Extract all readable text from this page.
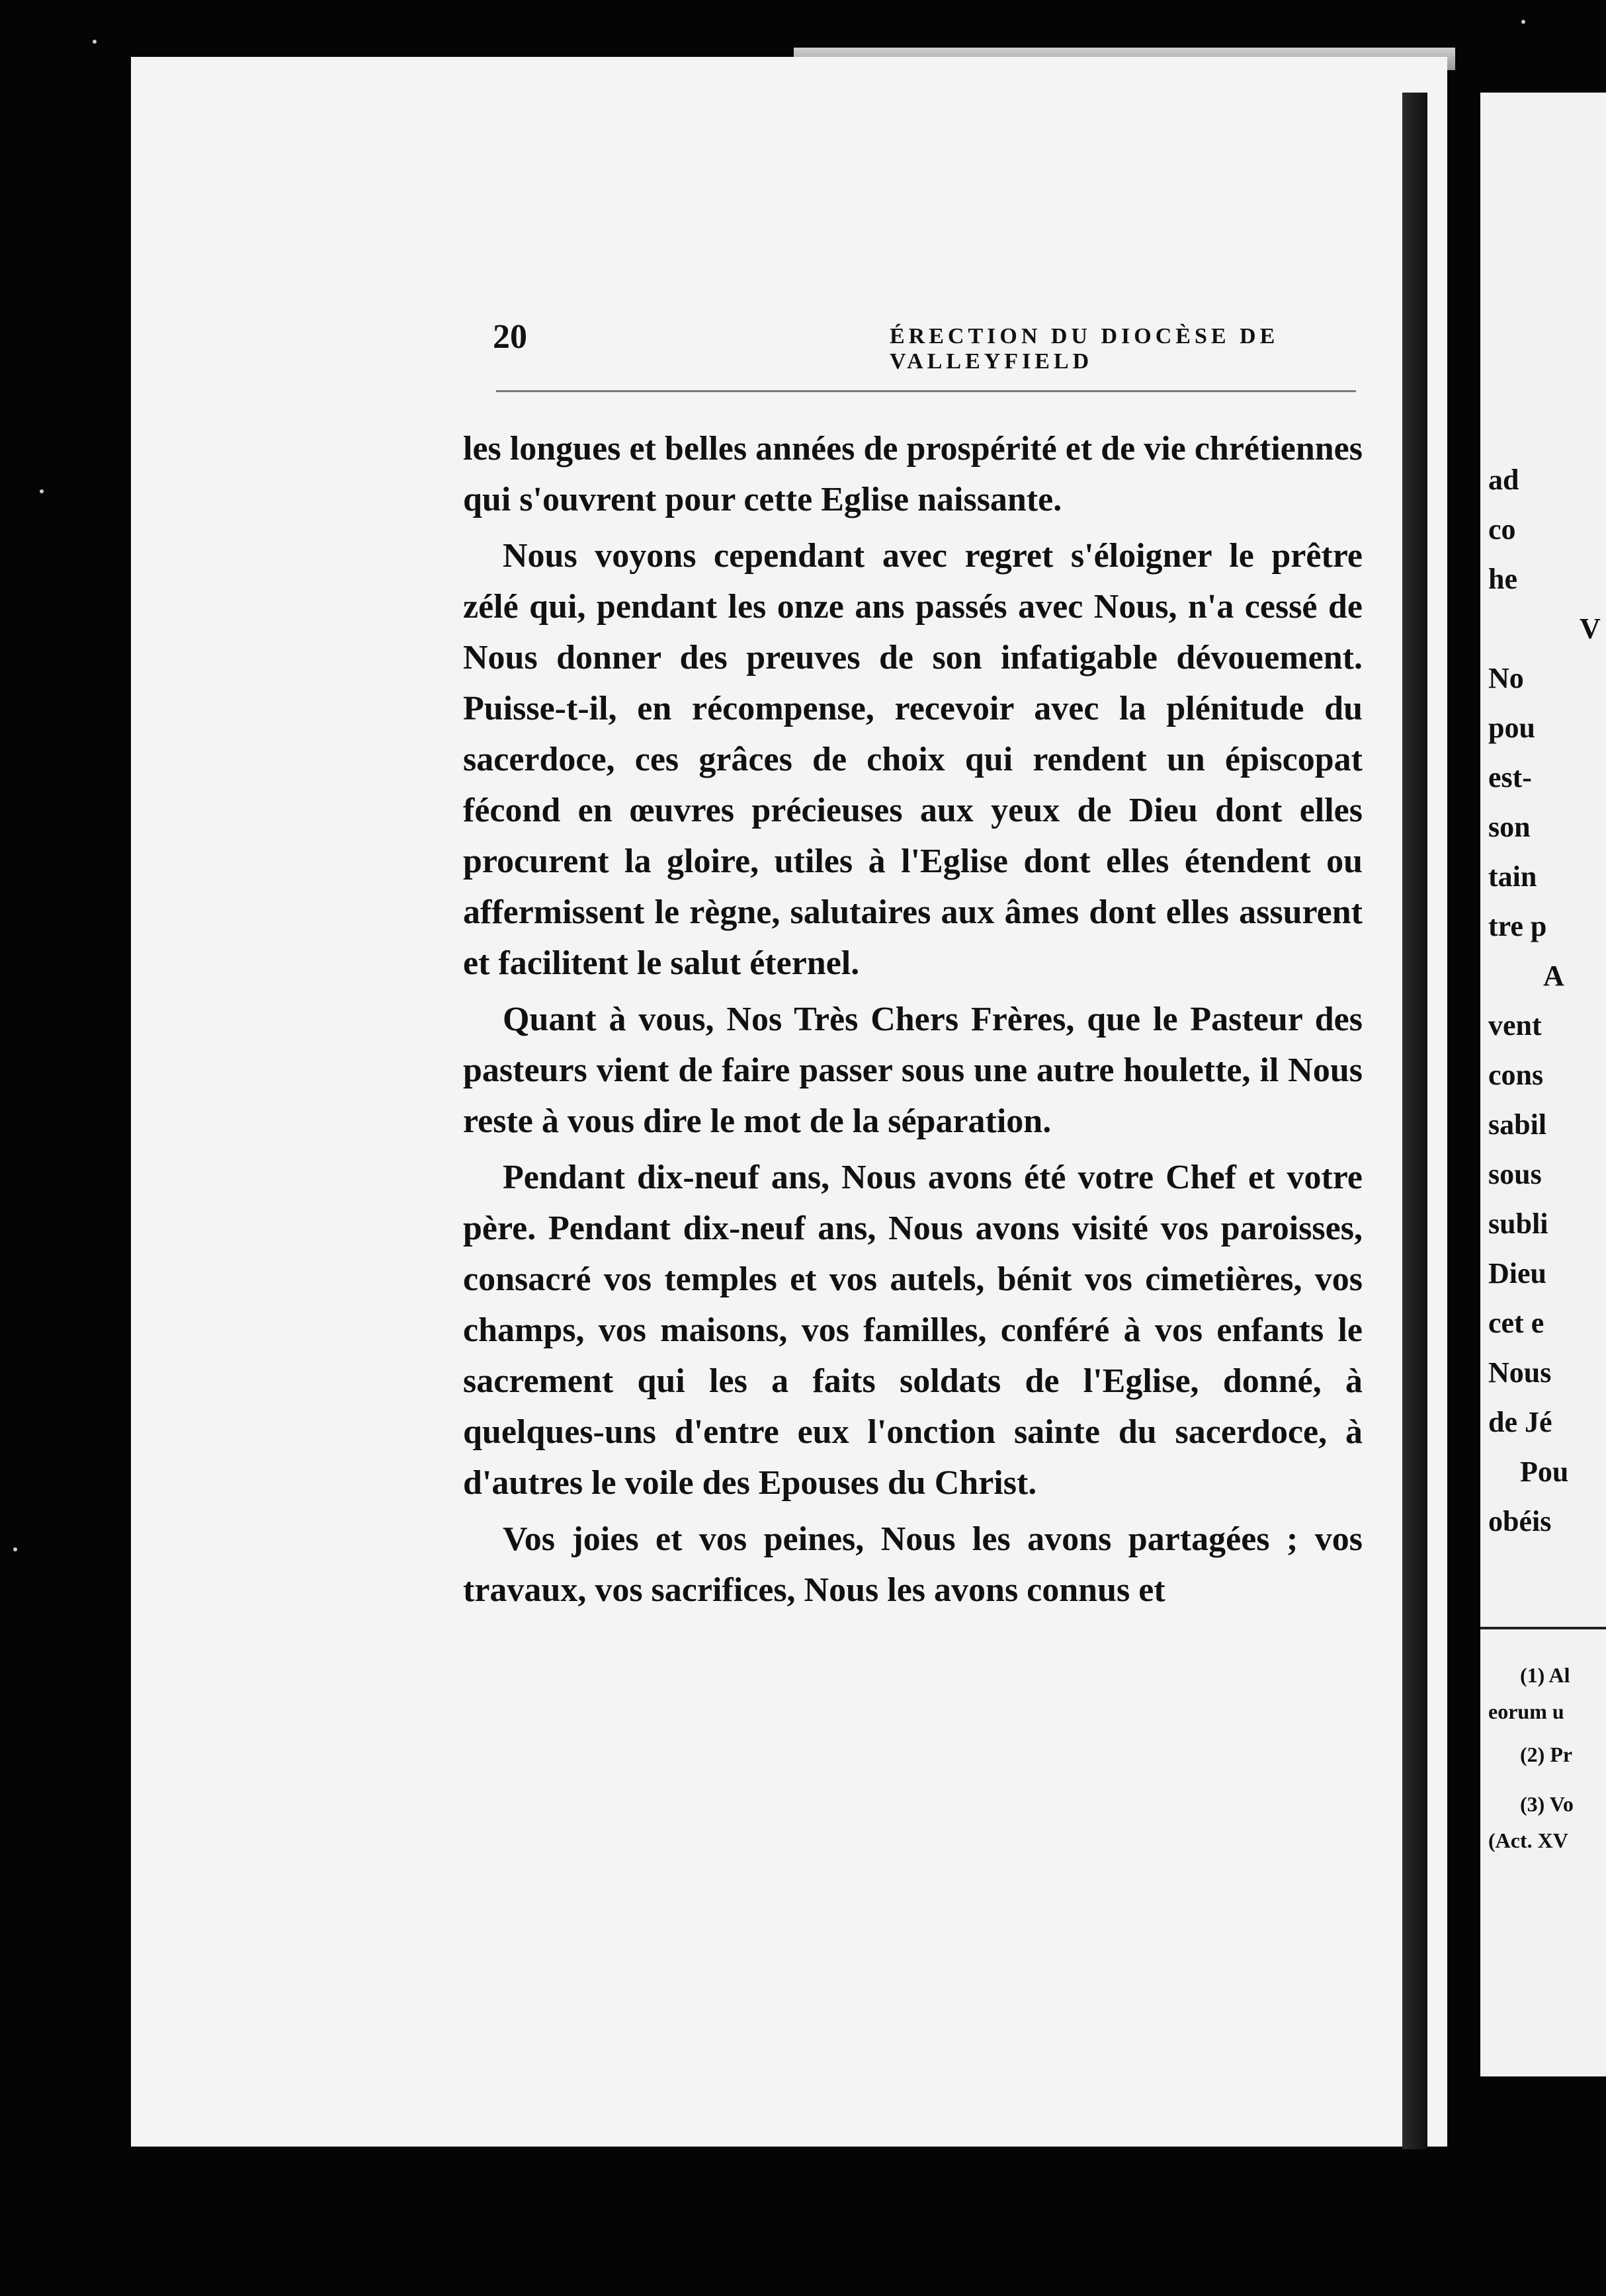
20	ÉRECTION DU DIOCÈSE DE VALLEYFIELD

les longues et belles années de prospérité et de vie chrétiennes qui s'ouvrent pour cette Eglise naissante.

Nous voyons cependant avec regret s'éloigner le prêtre zélé qui, pendant les onze ans passés avec Nous, n'a cessé de Nous donner des preuves de son infatigable dévouement. Puisse-t-il, en récompense, recevoir avec la plénitude du sacerdoce, ces grâces de choix qui rendent un épiscopat fécond en œuvres précieuses aux yeux de Dieu dont elles procurent la gloire, utiles à l'Eglise dont elles étendent ou affermissent le règne, salutaires aux âmes dont elles assurent et facilitent le salut éternel.

Quant à vous, Nos Très Chers Frères, que le Pasteur des pasteurs vient de faire passer sous une autre houlette, il Nous reste à vous dire le mot de la séparation.

Pendant dix-neuf ans, Nous avons été votre Chef et votre père. Pendant dix-neuf ans, Nous avons visité vos paroisses, consacré vos temples et vos autels, bénit vos cimetières, vos champs, vos maisons, vos familles, conféré à vos enfants le sacrement qui les a faits soldats de l'Eglise, donné, à quelques-uns d'entre eux l'onction sainte du sacerdoce, à d'autres le voile des Epouses du Christ.

Vos joies et vos peines, Nous les avons partagées ; vos travaux, vos sacrifices, Nous les avons connus et

ad
co
he
V
No
pou
est-
son
tain
tre p
A
vent
cons
sabil
sous
subli
Dieu
cet e
Nous
de Jé
Pou
obéis
(1) Al
eorum u
(2) Pr
(3) Vo
(Act. XV
